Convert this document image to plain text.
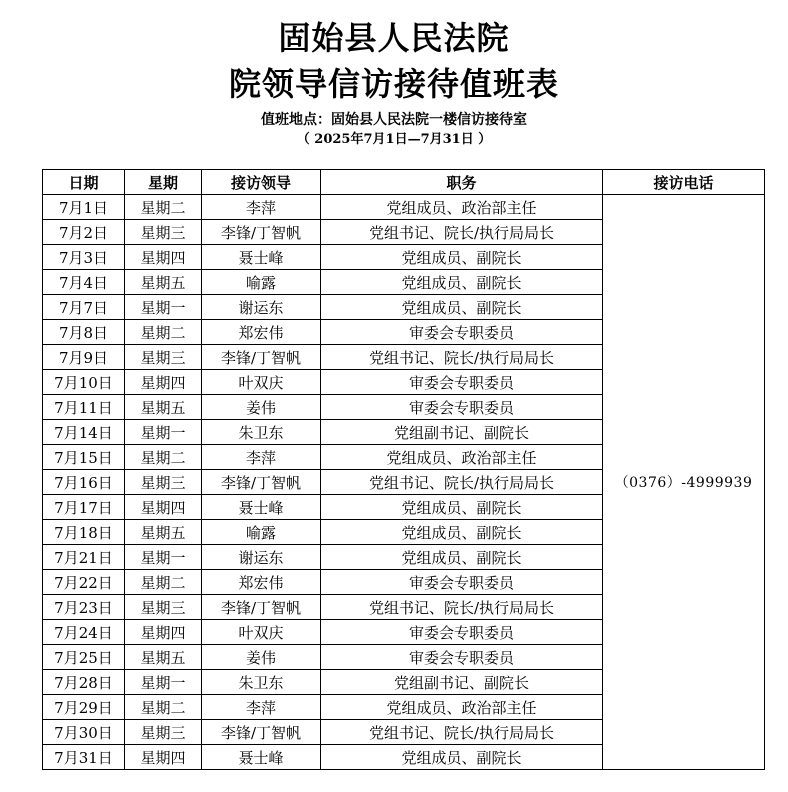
固始县人民法院
院领导信访接待值班表
值班地点：固始县人民法院一楼信访接待室
（ 2025年7月1日—7月31日 ）
日期	星期	接访领导	职务	接访电话
7月1日	星期二	李萍	党组成员、政治部主任	（0376）-4999939
7月2日	星期三	李锋/丁智帆	党组书记、院长/执行局局长	
7月3日	星期四	聂士峰	党组成员、副院长	
7月4日	星期五	喻露	党组成员、副院长	
7月7日	星期一	谢运东	党组成员、副院长	
7月8日	星期二	郑宏伟	审委会专职委员	
7月9日	星期三	李锋/丁智帆	党组书记、院长/执行局局长	
7月10日	星期四	叶双庆	审委会专职委员	
7月11日	星期五	姜伟	审委会专职委员	
7月14日	星期一	朱卫东	党组副书记、副院长	
7月15日	星期二	李萍	党组成员、政治部主任	
7月16日	星期三	李锋/丁智帆	党组书记、院长/执行局局长	
7月17日	星期四	聂士峰	党组成员、副院长	
7月18日	星期五	喻露	党组成员、副院长	
7月21日	星期一	谢运东	党组成员、副院长	
7月22日	星期二	郑宏伟	审委会专职委员	
7月23日	星期三	李锋/丁智帆	党组书记、院长/执行局局长	
7月24日	星期四	叶双庆	审委会专职委员	
7月25日	星期五	姜伟	审委会专职委员	
7月28日	星期一	朱卫东	党组副书记、副院长	
7月29日	星期二	李萍	党组成员、政治部主任	
7月30日	星期三	李锋/丁智帆	党组书记、院长/执行局局长	
7月31日	星期四	聂士峰	党组成员、副院长	
